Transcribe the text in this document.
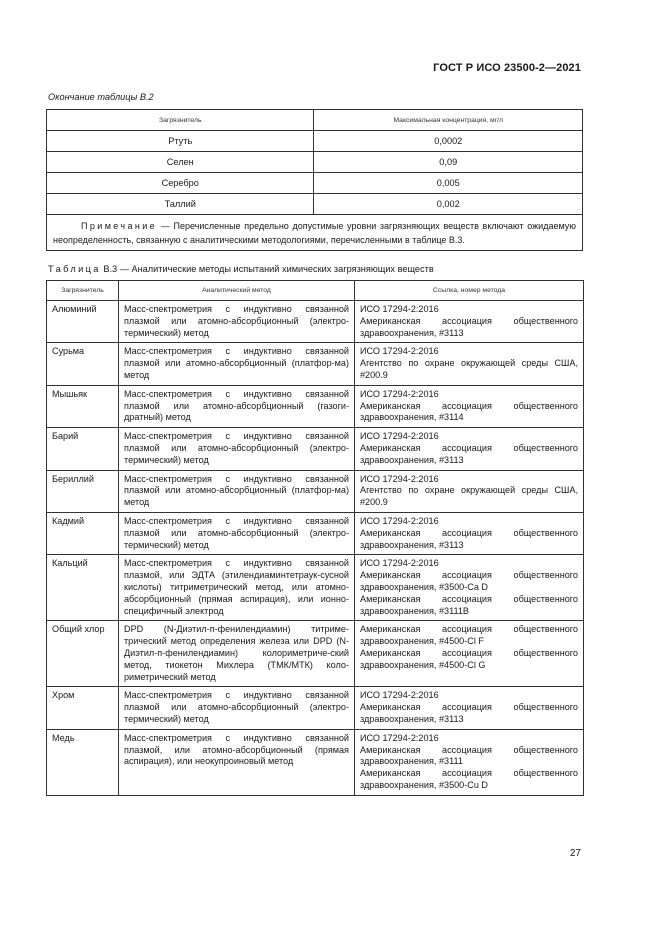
ГОСТ Р ИСО 23500-2—2021
Окончание таблицы В.2
Загрязнитель	Максимальная концентрация, мг/л
Ртуть	0,0002
Селен	0,09
Серебро	0,005
Таллий	0,002
Примечание — Перечисленные предельно допустимые уровни загрязняющих веществ включают ожидаемую неопределенность, связанную с аналитическими методологиями, перечисленными в таблице В.3.	
Таблица В.3 — Аналитические методы испытаний химических загрязняющих веществ
Загрязнитель	Аналитический метод	Ссылка, номер метода
Алюминий	Масс-спектрометрия с индуктивно связанной плазмой или атомно-абсорбционный (электро-термический) метод	ИСО 17294-2:2016
Американская ассоциация общественного здравоохранения, #3113

Сурьма	Масс-спектрометрия с индуктивно связанной плазмой или атомно-абсорбционный (платфор-ма) метод	ИСО 17294-2:2016
Агентство по охране окружающей среды США, #200.9

Мышьяк	Масс-спектрометрия с индуктивно связанной плазмой или атомно-абсорбционный (газоги-дратный) метод	ИСО 17294-2:2016
Американская ассоциация общественного здравоохранения, #3114

Барий	Масс-спектрометрия с индуктивно связанной плазмой или атомно-абсорбционный (электро-термический) метод	ИСО 17294-2:2016
Американская ассоциация общественного здравоохранения, #3113

Бериллий	Масс-спектрометрия с индуктивно связанной плазмой или атомно-абсорбционный (платфор-ма) метод	ИСО 17294-2:2016
Агентство по охране окружающей среды США, #200.9

Кадмий	Масс-спектрометрия с индуктивно связанной плазмой или атомно-абсорбционный (электро-термический) метод	ИСО 17294-2:2016
Американская ассоциация общественного здравоохранения, #3113

Кальций	Масс-спектрометрия с индуктивно связанной плазмой, или ЭДТА (этилендиаминтетраук-сусной кислоты) титриметрический метод, или атомно-абсорбционный (прямая аспирация), или ионно-специфичный электрод	ИСО 17294-2:2016
Американская ассоциация общественного здравоохранения, #3500-Ca D
Американская ассоциация общественного здравоохранения, #3111B

Общий хлор	DPD (N-Диэтил-п-фенилендиамин) титриме-трический метод определения железа или DPD (N-Диэтил-п-фенилендиамин) колориметриче-ский метод, тиокетон Михлера (ТМК/МТК) коло-риметрический метод	Американская ассоциация общественного здравоохранения, #4500-Cl F
Американская ассоциация общественного здравоохранения, #4500-Cl G

Хром	Масс-спектрометрия с индуктивно связанной плазмой или атомно-абсорбционный (электро-термический) метод	ИСО 17294-2:2016
Американская ассоциация общественного здравоохранения, #3113

Медь	Масс-спектрометрия с индуктивно связанной плазмой, или атомно-абсорбционный (прямая аспирация), или неокупроиновый метод	ИСО 17294-2:2016
Американская ассоциация общественного здравоохранения, #3111
Американская ассоциация общественного здравоохранения, #3500-Cu D
27
